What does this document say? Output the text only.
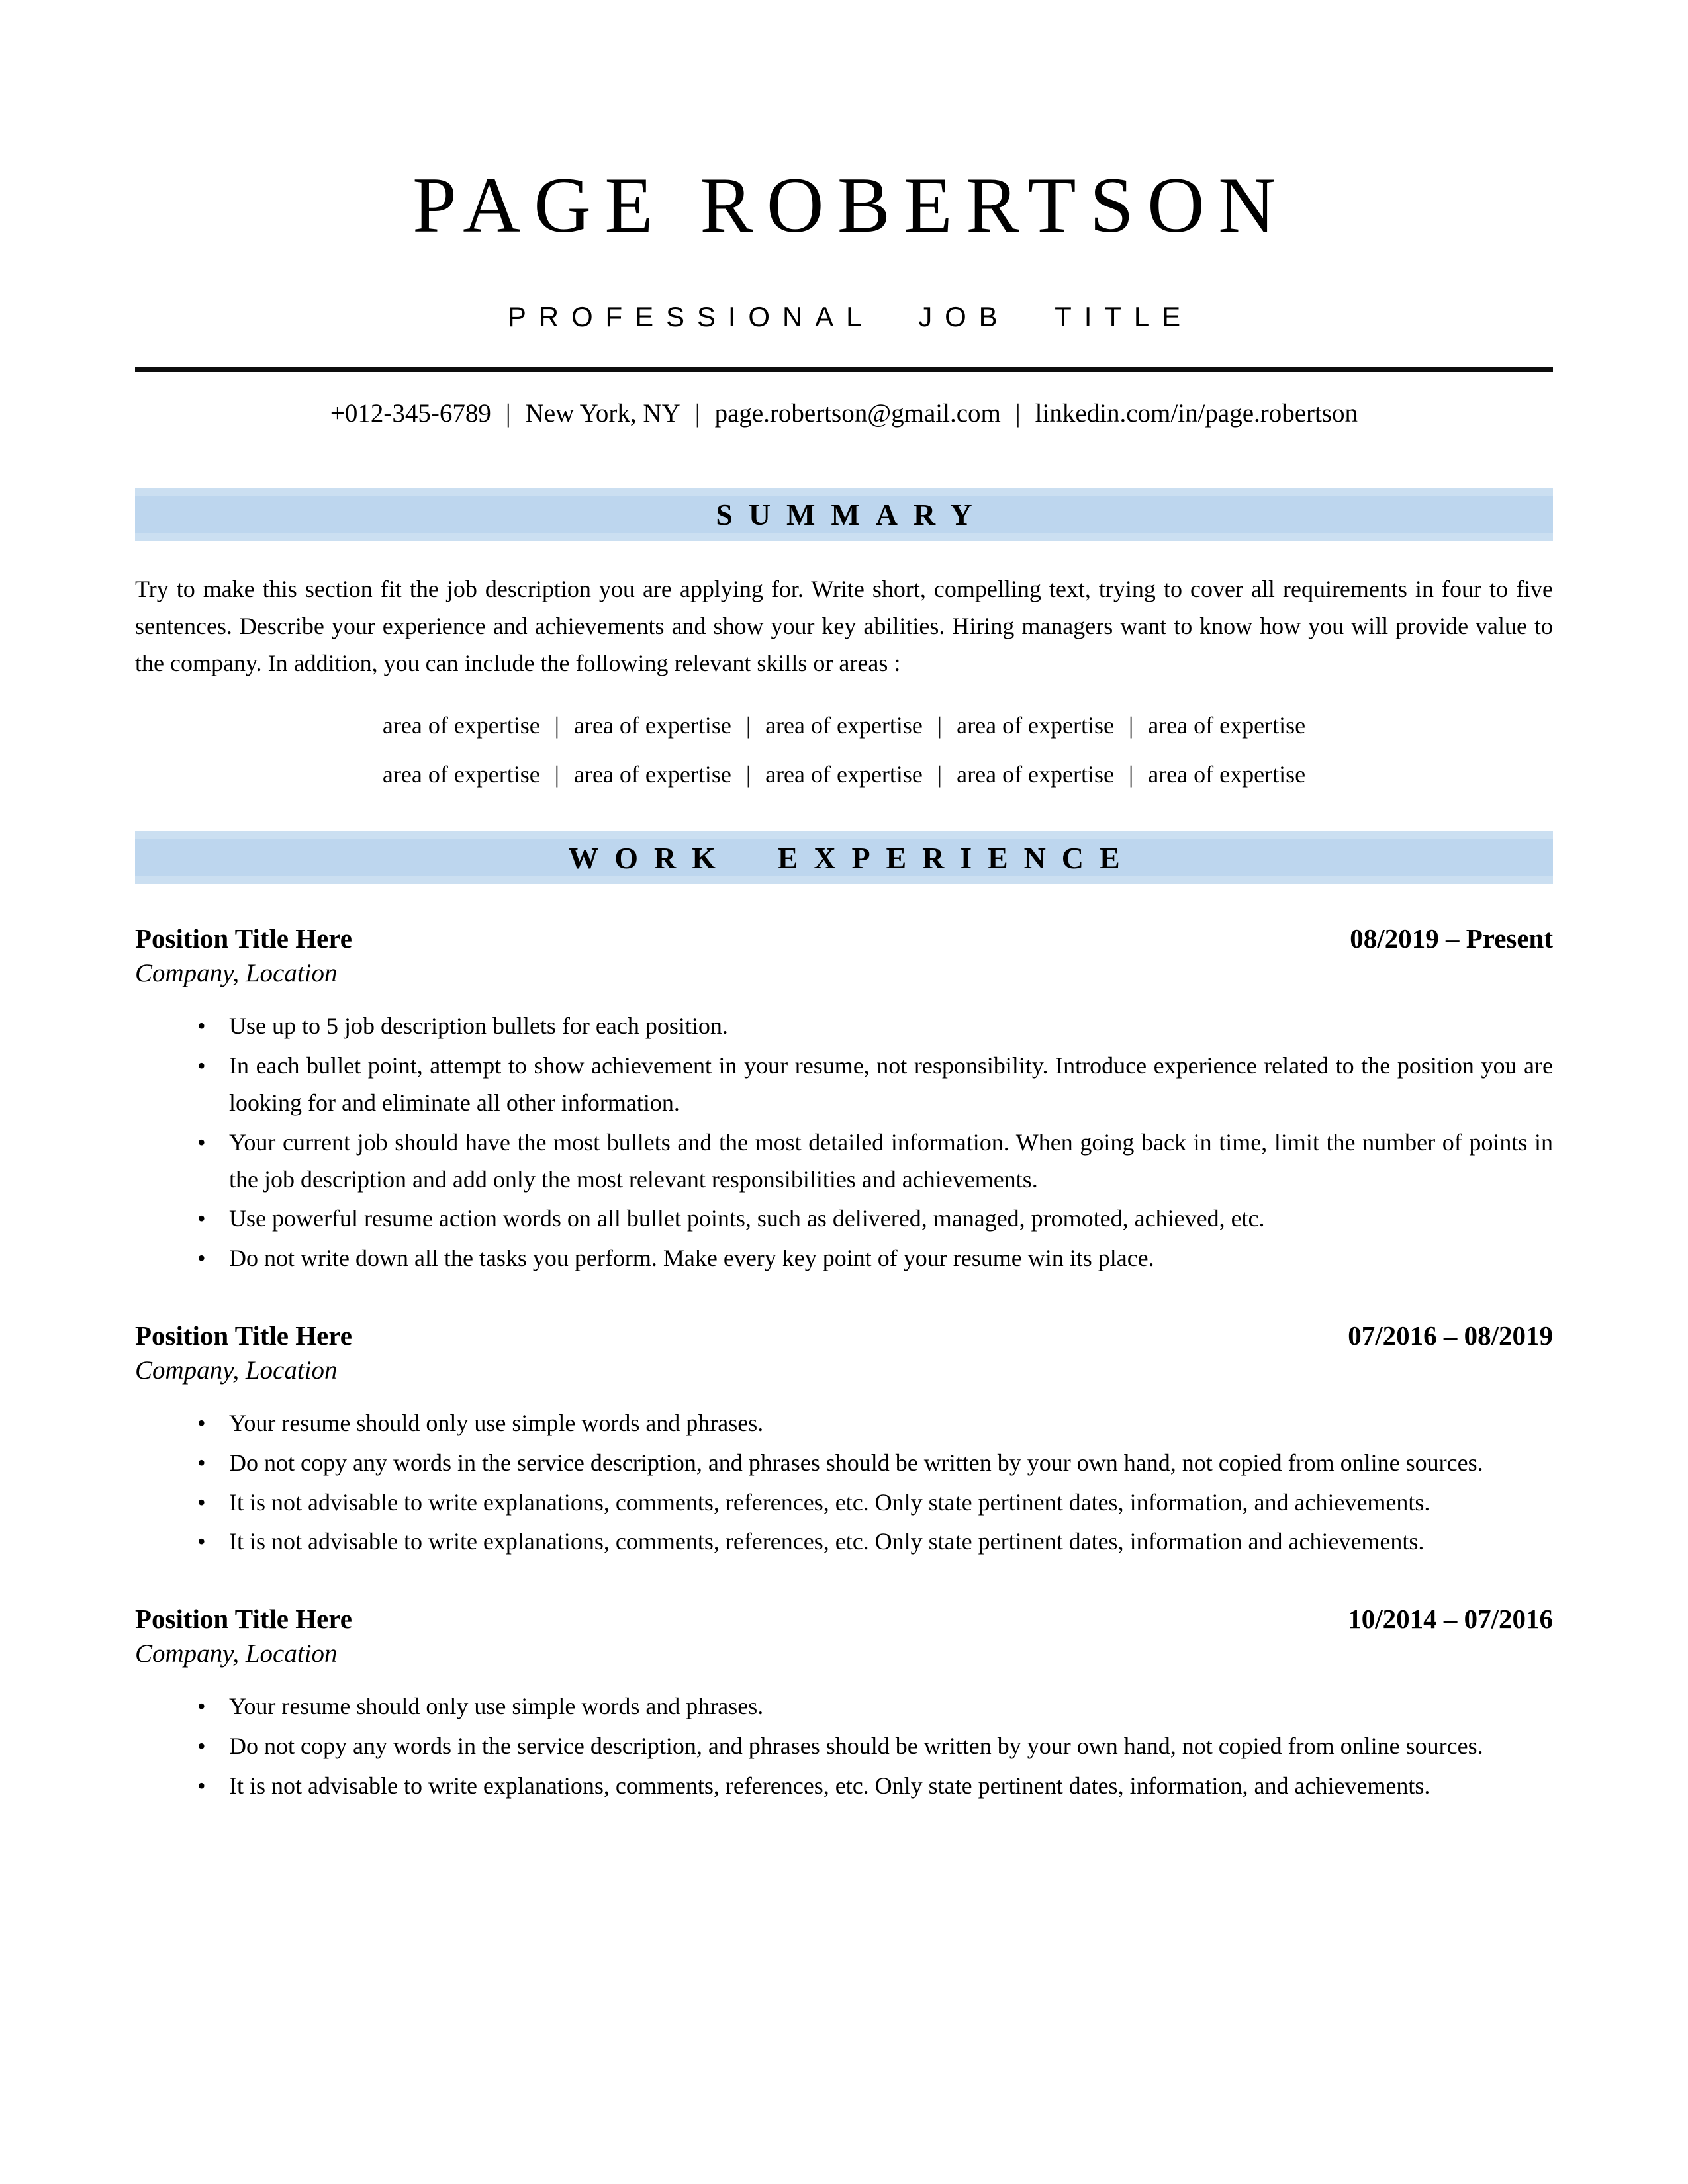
PAGE ROBERTSON
PROFESSIONAL JOB TITLE
+012-345-6789 | New York, NY | page.robertson@gmail.com | linkedin.com/in/page.robertson
SUMMARY

Try to make this section fit the job description you are applying for. Write short, compelling text, trying to cover all requirements in four to five sentences. Describe your experience and achievements and show your key abilities. Hiring managers want to know how you will provide value to the company. In addition, you can include the following relevant skills or areas :

area of expertise | area of expertise | area of expertise | area of expertise | area of expertise
area of expertise | area of expertise | area of expertise | area of expertise | area of expertise
WORK EXPERIENCE
Position Title Here	08/2019 – Present
Company, Location
• Use up to 5 job description bullets for each position.
• In each bullet point, attempt to show achievement in your resume, not responsibility. Introduce experience related to the position you are looking for and eliminate all other information.
• Your current job should have the most bullets and the most detailed information. When going back in time, limit the number of points in the job description and add only the most relevant responsibilities and achievements.
• Use powerful resume action words on all bullet points, such as delivered, managed, promoted, achieved, etc.
• Do not write down all the tasks you perform. Make every key point of your resume win its place.
Position Title Here	07/2016 – 08/2019
Company, Location
• Your resume should only use simple words and phrases.
• Do not copy any words in the service description, and phrases should be written by your own hand, not copied from online sources.
• It is not advisable to write explanations, comments, references, etc. Only state pertinent dates, information, and achievements.
• It is not advisable to write explanations, comments, references, etc. Only state pertinent dates, information and achievements.
Position Title Here	10/2014 – 07/2016
Company, Location
• Your resume should only use simple words and phrases.
• Do not copy any words in the service description, and phrases should be written by your own hand, not copied from online sources.
• It is not advisable to write explanations, comments, references, etc. Only state pertinent dates, information, and achievements.
